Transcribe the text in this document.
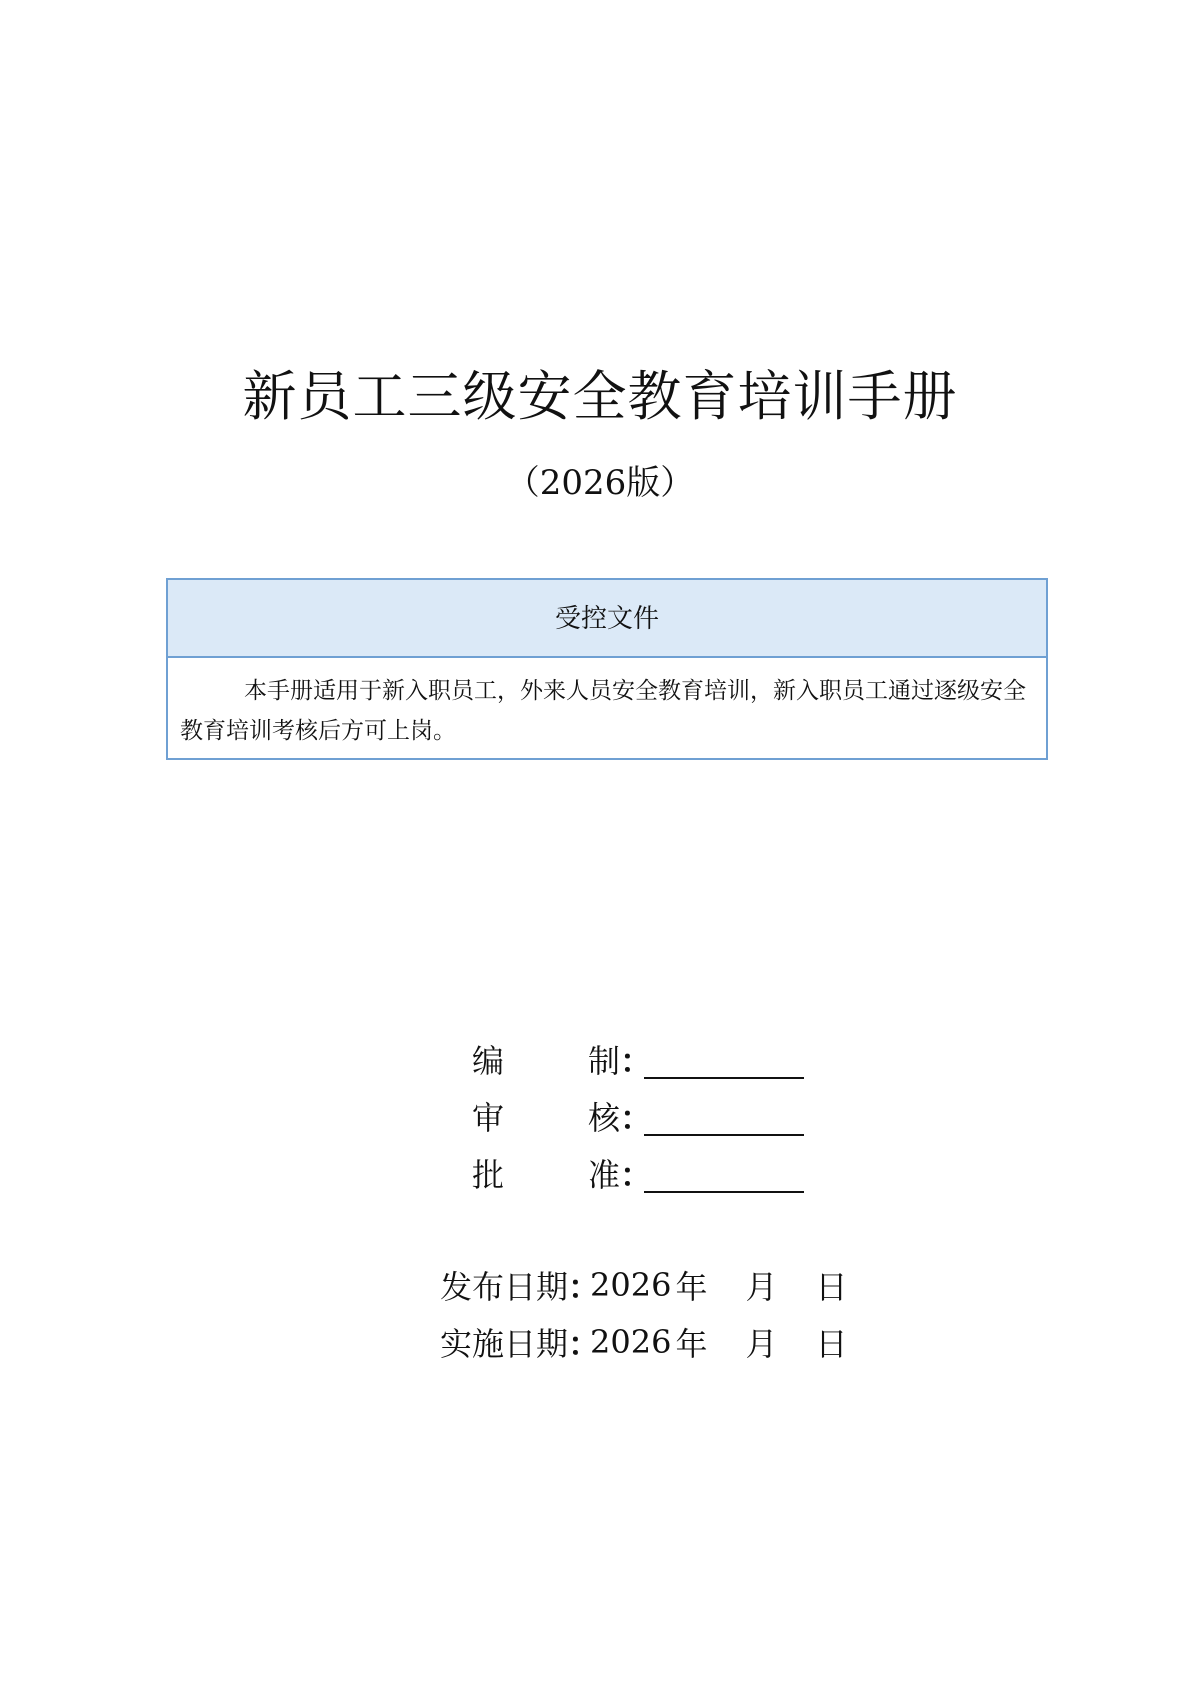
新员工三级安全教育培训手册
（2026版）
受控文件
本手册适用于新入职员工，外来人员安全教育培训，新入职员工通过逐级安全教育培训考核后方可上岗。
编	制 ：
审	核 ：
批	准 ：
发布日期 ：
2026 年 月 日
实施日期 ：
2026 年 月 日
